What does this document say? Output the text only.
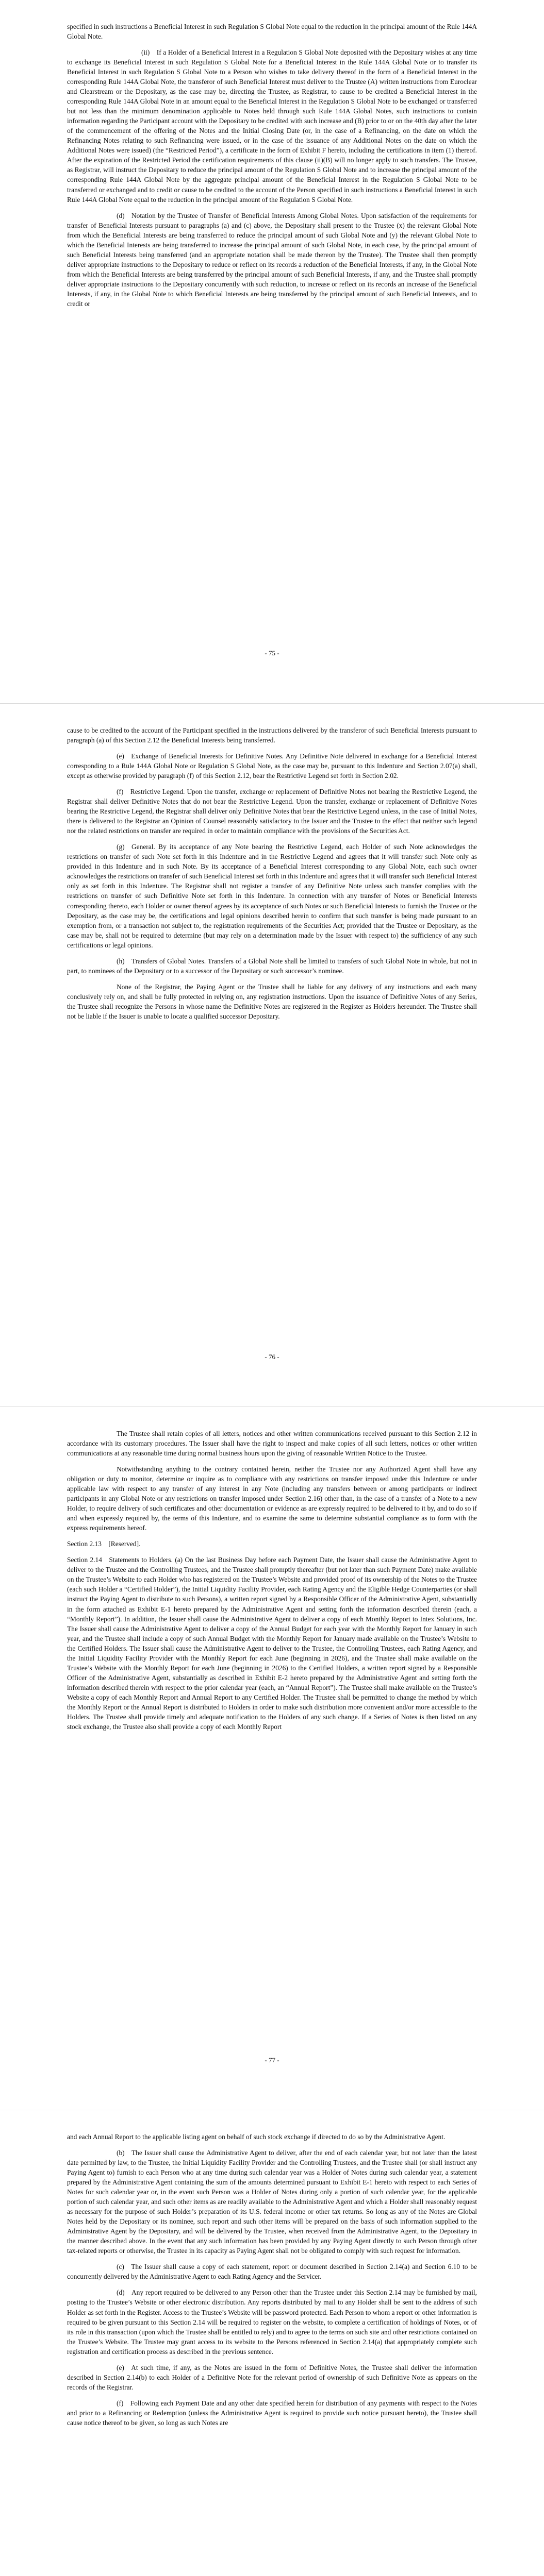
specified in such instructions a Beneficial Interest in such Regulation S Global Note equal to the reduction in the principal amount of the Rule 144A Global Note.

(ii) If a Holder of a Beneficial Interest in a Regulation S Global Note deposited with the Depositary wishes at any time to exchange its Beneficial Interest in such Regulation S Global Note for a Beneficial Interest in the Rule 144A Global Note or to transfer its Beneficial Interest in such Regulation S Global Note to a Person who wishes to take delivery thereof in the form of a Beneficial Interest in the corresponding Rule 144A Global Note, the transferor of such Beneficial Interest must deliver to the Trustee (A) written instructions from Euroclear and Clearstream or the Depositary, as the case may be, directing the Trustee, as Registrar, to cause to be credited a Beneficial Interest in the corresponding Rule 144A Global Note in an amount equal to the Beneficial Interest in the Regulation S Global Note to be exchanged or transferred but not less than the minimum denomination applicable to Notes held through such Rule 144A Global Notes, such instructions to contain information regarding the Participant account with the Depositary to be credited with such increase and (B) prior to or on the 40th day after the later of the commencement of the offering of the Notes and the Initial Closing Date (or, in the case of a Refinancing, on the date on which the Refinancing Notes relating to such Refinancing were issued, or in the case of the issuance of any Additional Notes on the date on which the Additional Notes were issued) (the “Restricted Period”), a certificate in the form of Exhibit F hereto, including the certifications in item (1) thereof. After the expiration of the Restricted Period the certification requirements of this clause (ii)(B) will no longer apply to such transfers. The Trustee, as Registrar, will instruct the Depositary to reduce the principal amount of the Regulation S Global Note and to increase the principal amount of the corresponding Rule 144A Global Note by the aggregate principal amount of the Beneficial Interest in the Regulation S Global Note to be transferred or exchanged and to credit or cause to be credited to the account of the Person specified in such instructions a Beneficial Interest in such Rule 144A Global Note equal to the reduction in the principal amount of the Regulation S Global Note.

(d) Notation by the Trustee of Transfer of Beneficial Interests Among Global Notes. Upon satisfaction of the requirements for transfer of Beneficial Interests pursuant to paragraphs (a) and (c) above, the Depositary shall present to the Trustee (x) the relevant Global Note from which the Beneficial Interests are being transferred to reduce the principal amount of such Global Note and (y) the relevant Global Note to which the Beneficial Interests are being transferred to increase the principal amount of such Global Note, in each case, by the principal amount of such Beneficial Interests being transferred (and an appropriate notation shall be made thereon by the Trustee). The Trustee shall then promptly deliver appropriate instructions to the Depositary to reduce or reflect on its records a reduction of the Beneficial Interests, if any, in the Global Note from which the Beneficial Interests are being transferred by the principal amount of such Beneficial Interests, if any, and the Trustee shall promptly deliver appropriate instructions to the Depositary concurrently with such reduction, to increase or reflect on its records an increase of the Beneficial Interests, if any, in the Global Note to which Beneficial Interests are being transferred by the principal amount of such Beneficial Interests, and to credit or

- 75 -

cause to be credited to the account of the Participant specified in the instructions delivered by the transferor of such Beneficial Interests pursuant to paragraph (a) of this Section 2.12 the Beneficial Interests being transferred.

(e) Exchange of Beneficial Interests for Definitive Notes. Any Definitive Note delivered in exchange for a Beneficial Interest corresponding to a Rule 144A Global Note or Regulation S Global Note, as the case may be, pursuant to this Indenture and Section 2.07(a) shall, except as otherwise provided by paragraph (f) of this Section 2.12, bear the Restrictive Legend set forth in Section 2.02.

(f) Restrictive Legend. Upon the transfer, exchange or replacement of Definitive Notes not bearing the Restrictive Legend, the Registrar shall deliver Definitive Notes that do not bear the Restrictive Legend. Upon the transfer, exchange or replacement of Definitive Notes bearing the Restrictive Legend, the Registrar shall deliver only Definitive Notes that bear the Restrictive Legend unless, in the case of Initial Notes, there is delivered to the Registrar an Opinion of Counsel reasonably satisfactory to the Issuer and the Trustee to the effect that neither such legend nor the related restrictions on transfer are required in order to maintain compliance with the provisions of the Securities Act.

(g) General. By its acceptance of any Note bearing the Restrictive Legend, each Holder of such Note acknowledges the restrictions on transfer of such Note set forth in this Indenture and in the Restrictive Legend and agrees that it will transfer such Note only as provided in this Indenture and in such Note. By its acceptance of a Beneficial Interest corresponding to any Global Note, each such owner acknowledges the restrictions on transfer of such Beneficial Interest set forth in this Indenture and agrees that it will transfer such Beneficial Interest only as set forth in this Indenture. The Registrar shall not register a transfer of any Definitive Note unless such transfer complies with the restrictions on transfer of such Definitive Note set forth in this Indenture. In connection with any transfer of Notes or Beneficial Interests corresponding thereto, each Holder or owner thereof agrees by its acceptance of such Notes or such Beneficial Interests to furnish the Trustee or the Depositary, as the case may be, the certifications and legal opinions described herein to confirm that such transfer is being made pursuant to an exemption from, or a transaction not subject to, the registration requirements of the Securities Act; provided that the Trustee or Depositary, as the case may be, shall not be required to determine (but may rely on a determination made by the Issuer with respect to) the sufficiency of any such certifications or legal opinions.

(h) Transfers of Global Notes. Transfers of a Global Note shall be limited to transfers of such Global Note in whole, but not in part, to nominees of the Depositary or to a successor of the Depositary or such successor’s nominee.

None of the Registrar, the Paying Agent or the Trustee shall be liable for any delivery of any instructions and each many conclusively rely on, and shall be fully protected in relying on, any registration instructions. Upon the issuance of Definitive Notes of any Series, the Trustee shall recognize the Persons in whose name the Definitive Notes are registered in the Register as Holders hereunder. The Trustee shall not be liable if the Issuer is unable to locate a qualified successor Depositary.

- 76 -

The Trustee shall retain copies of all letters, notices and other written communications received pursuant to this Section 2.12 in accordance with its customary procedures. The Issuer shall have the right to inspect and make copies of all such letters, notices or other written communications at any reasonable time during normal business hours upon the giving of reasonable Written Notice to the Trustee.

Notwithstanding anything to the contrary contained herein, neither the Trustee nor any Authorized Agent shall have any obligation or duty to monitor, determine or inquire as to compliance with any restrictions on transfer imposed under this Indenture or under applicable law with respect to any transfer of any interest in any Note (including any transfers between or among participants or indirect participants in any Global Note or any restrictions on transfer imposed under Section 2.16) other than, in the case of a transfer of a Note to a new Holder, to require delivery of such certificates and other documentation or evidence as are expressly required to be delivered to it by, and to do so if and when expressly required by, the terms of this Indenture, and to examine the same to determine substantial compliance as to form with the express requirements hereof.

Section 2.13 [Reserved].

Section 2.14 Statements to Holders. (a) On the last Business Day before each Payment Date, the Issuer shall cause the Administrative Agent to deliver to the Trustee and the Controlling Trustees, and the Trustee shall promptly thereafter (but not later than such Payment Date) make available on the Trustee’s Website to each Holder who has registered on the Trustee’s Website and provided proof of its ownership of the Notes to the Trustee (each such Holder a “Certified Holder”), the Initial Liquidity Facility Provider, each Rating Agency and the Eligible Hedge Counterparties (or shall instruct the Paying Agent to distribute to such Persons), a written report signed by a Responsible Officer of the Administrative Agent, substantially in the form attached as Exhibit E-1 hereto prepared by the Administrative Agent and setting forth the information described therein (each, a “Monthly Report”). In addition, the Issuer shall cause the Administrative Agent to deliver a copy of each Monthly Report to Intex Solutions, Inc. The Issuer shall cause the Administrative Agent to deliver a copy of the Annual Budget for each year with the Monthly Report for January in such year, and the Trustee shall include a copy of such Annual Budget with the Monthly Report for January made available on the Trustee’s Website to the Certified Holders. The Issuer shall cause the Administrative Agent to deliver to the Trustee, the Controlling Trustees, each Rating Agency, and the Initial Liquidity Facility Provider with the Monthly Report for each June (beginning in 2026), and the Trustee shall make available on the Trustee’s Website with the Monthly Report for each June (beginning in 2026) to the Certified Holders, a written report signed by a Responsible Officer of the Administrative Agent, substantially as described in Exhibit E-2 hereto prepared by the Administrative Agent and setting forth the information described therein with respect to the prior calendar year (each, an “Annual Report”). The Trustee shall make available on the Trustee’s Website a copy of each Monthly Report and Annual Report to any Certified Holder. The Trustee shall be permitted to change the method by which the Monthly Report or the Annual Report is distributed to Holders in order to make such distribution more convenient and/or more accessible to the Holders. The Trustee shall provide timely and adequate notification to the Holders of any such change. If a Series of Notes is then listed on any stock exchange, the Trustee also shall provide a copy of each Monthly Report

- 77 -

and each Annual Report to the applicable listing agent on behalf of such stock exchange if directed to do so by the Administrative Agent.

(b) The Issuer shall cause the Administrative Agent to deliver, after the end of each calendar year, but not later than the latest date permitted by law, to the Trustee, the Initial Liquidity Facility Provider and the Controlling Trustees, and the Trustee shall (or shall instruct any Paying Agent to) furnish to each Person who at any time during such calendar year was a Holder of Notes during such calendar year, a statement prepared by the Administrative Agent containing the sum of the amounts determined pursuant to Exhibit E-1 hereto with respect to each Series of Notes for such calendar year or, in the event such Person was a Holder of Notes during only a portion of such calendar year, for the applicable portion of such calendar year, and such other items as are readily available to the Administrative Agent and which a Holder shall reasonably request as necessary for the purpose of such Holder’s preparation of its U.S. federal income or other tax returns. So long as any of the Notes are Global Notes held by the Depositary or its nominee, such report and such other items will be prepared on the basis of such information supplied to the Administrative Agent by the Depositary, and will be delivered by the Trustee, when received from the Administrative Agent, to the Depositary in the manner described above. In the event that any such information has been provided by any Paying Agent directly to such Person through other tax-related reports or otherwise, the Trustee in its capacity as Paying Agent shall not be obligated to comply with such request for information.

(c) The Issuer shall cause a copy of each statement, report or document described in Section 2.14(a) and Section 6.10 to be concurrently delivered by the Administrative Agent to each Rating Agency and the Servicer.

(d) Any report required to be delivered to any Person other than the Trustee under this Section 2.14 may be furnished by mail, posting to the Trustee’s Website or other electronic distribution. Any reports distributed by mail to any Holder shall be sent to the address of such Holder as set forth in the Register. Access to the Trustee’s Website will be password protected. Each Person to whom a report or other information is required to be given pursuant to this Section 2.14 will be required to register on the website, to complete a certification of holdings of Notes, or of its role in this transaction (upon which the Trustee shall be entitled to rely) and to agree to the terms on such site and other restrictions contained on the Trustee’s Website. The Trustee may grant access to its website to the Persons referenced in Section 2.14(a) that appropriately complete such registration and certification process as described in the previous sentence.

(e) At such time, if any, as the Notes are issued in the form of Definitive Notes, the Trustee shall deliver the information described in Section 2.14(b) to each Holder of a Definitive Note for the relevant period of ownership of such Definitive Note as appears on the records of the Registrar.

(f) Following each Payment Date and any other date specified herein for distribution of any payments with respect to the Notes and prior to a Refinancing or Redemption (unless the Administrative Agent is required to provide such notice pursuant hereto), the Trustee shall cause notice thereof to be given, so long as such Notes are
